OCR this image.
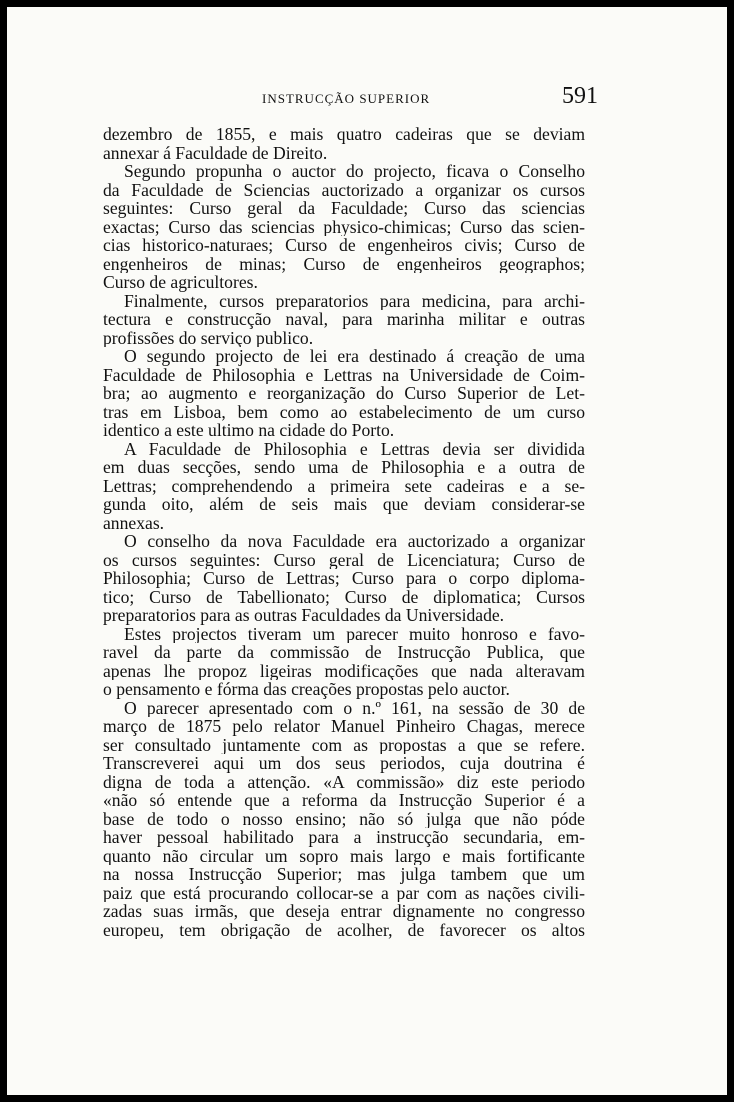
INSTRUCÇÃO SUPERIOR	591
dezembro de 1855, e mais quatro cadeiras que se deviam
annexar á Faculdade de Direito.
Segundo propunha o auctor do projecto, ficava o Conselho
da Faculdade de Sciencias auctorizado a organizar os cursos
seguintes: Curso geral da Faculdade; Curso das sciencias
exactas; Curso das sciencias physico-chimicas; Curso das scien-
cias historico-naturaes; Curso de engenheiros civis; Curso de
engenheiros de minas; Curso de engenheiros geographos;
Curso de agricultores.
Finalmente, cursos preparatorios para medicina, para archi-
tectura e construcção naval, para marinha militar e outras
profissões do serviço publico.
O segundo projecto de lei era destinado á creação de uma
Faculdade de Philosophia e Lettras na Universidade de Coim-
bra; ao augmento e reorganização do Curso Superior de Let-
tras em Lisboa, bem como ao estabelecimento de um curso
identico a este ultimo na cidade do Porto.
A Faculdade de Philosophia e Lettras devia ser dividida
em duas secções, sendo uma de Philosophia e a outra de
Lettras; comprehendendo a primeira sete cadeiras e a se-
gunda oito, além de seis mais que deviam considerar-se
annexas.
O conselho da nova Faculdade era auctorizado a organizar
os cursos seguintes: Curso geral de Licenciatura; Curso de
Philosophia; Curso de Lettras; Curso para o corpo diploma-
tico; Curso de Tabellionato; Curso de diplomatica; Cursos
preparatorios para as outras Faculdades da Universidade.
Estes projectos tiveram um parecer muito honroso e favo-
ravel da parte da commissão de Instrucção Publica, que
apenas lhe propoz ligeiras modificações que nada alteravam
o pensamento e fórma das creações propostas pelo auctor.
O parecer apresentado com o n.º 161, na sessão de 30 de
março de 1875 pelo relator Manuel Pinheiro Chagas, merece
ser consultado juntamente com as propostas a que se refere.
Transcreverei aqui um dos seus periodos, cuja doutrina é
digna de toda a attenção. «A commissão» diz este periodo
«não só entende que a reforma da Instrucção Superior é a
base de todo o nosso ensino; não só julga que não póde
haver pessoal habilitado para a instrucção secundaria, em-
quanto não circular um sopro mais largo e mais fortificante
na nossa Instrucção Superior; mas julga tambem que um
paiz que está procurando collocar-se a par com as nações civili-
zadas suas irmãs, que deseja entrar dignamente no congresso
europeu, tem obrigação de acolher, de favorecer os altos
